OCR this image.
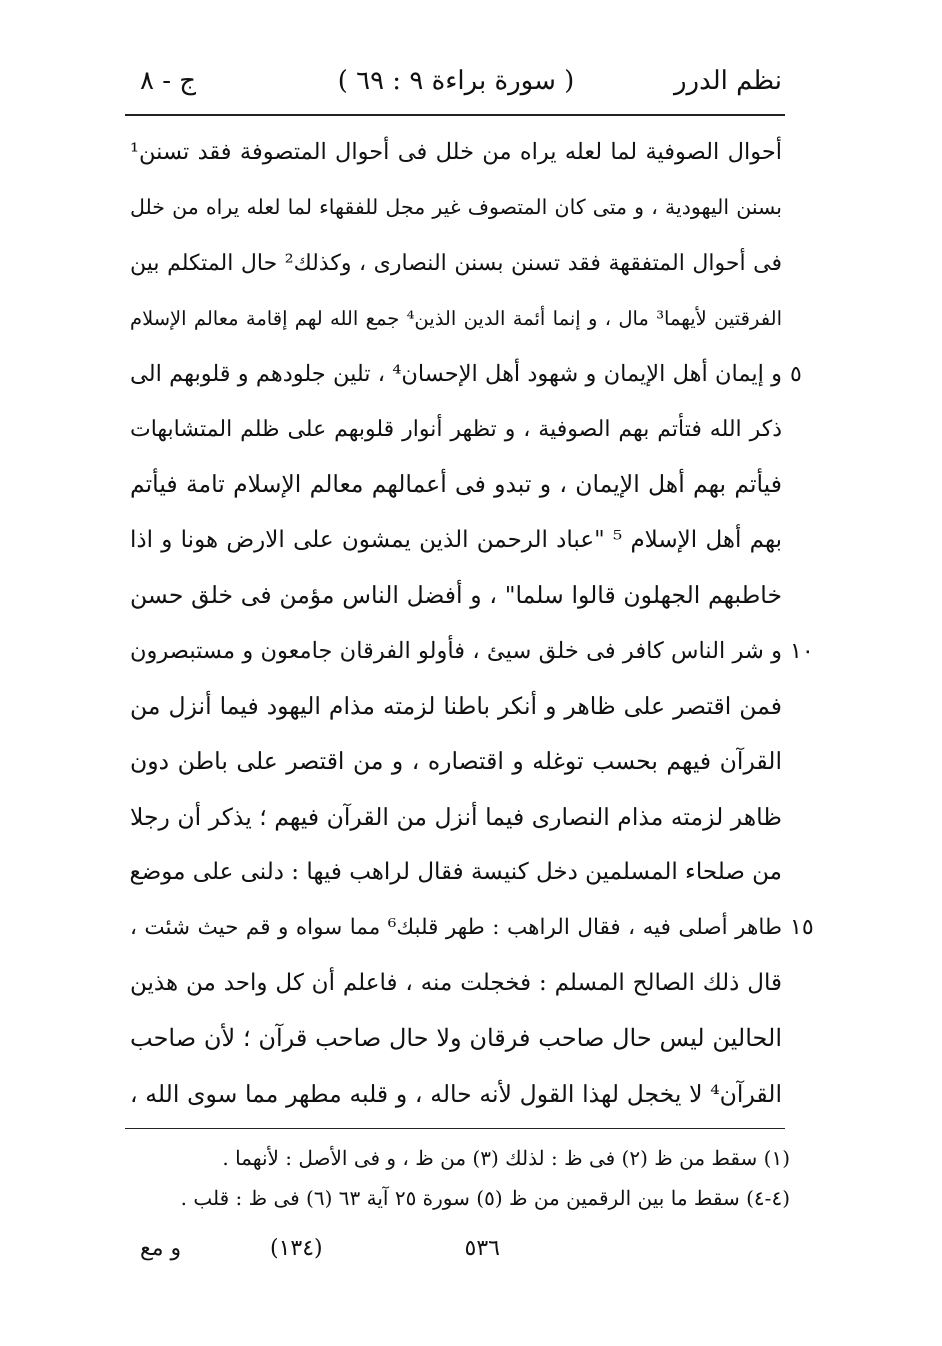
نظم الدرر
( سورة براءة ٩ : ٦٩ )
ج - ٨
أحوال الصوفية لما لعله يراه من خلل فى أحوال المتصوفة فقد تسنن¹
بسنن اليهودية ، و متى كان المتصوف غير مجل للفقهاء لما لعله يراه من خلل
فى أحوال المتفقهة فقد تسنن بسنن النصارى ، وكذلك² حال المتكلم بين
الفرقتين لأيهما³ مال ، و إنما أئمة الدين الذين⁴ جمع الله لهم إقامة معالم الإسلام
و إيمان أهل الإيمان و شهود أهل الإحسان⁴ ، تلين جلودهم و قلوبهم الى ٥
ذكر الله فتأتم بهم الصوفية ، و تظهر أنوار قلوبهم على ظلم المتشابهات
فيأتم بهم أهل الإيمان ، و تبدو فى أعمالهم معالم الإسلام تامة فيأتم
بهم أهل الإسلام ⁵ "عباد الرحمن الذين يمشون على الارض هونا و اذا
خاطبهم الجهلون قالوا سلما" ، و أفضل الناس مؤمن فى خلق حسن
و شر الناس كافر فى خلق سيئ ، فأولو الفرقان جامعون و مستبصرون ١٠
فمن اقتصر على ظاهر و أنكر باطنا لزمته مذام اليهود فيما أنزل من
القرآن فيهم بحسب توغله و اقتصاره ، و من اقتصر على باطن دون
ظاهر لزمته مذام النصارى فيما أنزل من القرآن فيهم ؛ يذكر أن رجلا
من صلحاء المسلمين دخل كنيسة فقال لراهب فيها : دلنى على موضع
طاهر أصلى فيه ، فقال الراهب : طهر قلبك⁶ مما سواه و قم حيث شئت ، ١٥
قال ذلك الصالح المسلم : فخجلت منه ، فاعلم أن كل واحد من هذين
الحالين ليس حال صاحب فرقان ولا حال صاحب قرآن ؛ لأن صاحب
القرآن⁴ لا يخجل لهذا القول لأنه حاله ، و قلبه مطهر مما سوى الله ،
(١) سقط من ظ (٢) فى ظ : لذلك (٣) من ظ ، و فى الأصل : لأنهما .
(٤-٤) سقط ما بين الرقمين من ظ (٥) سورة ٢٥ آية ٦٣ (٦) فى ظ : قلب .
٥٣٦
(١٣٤)
و مع
